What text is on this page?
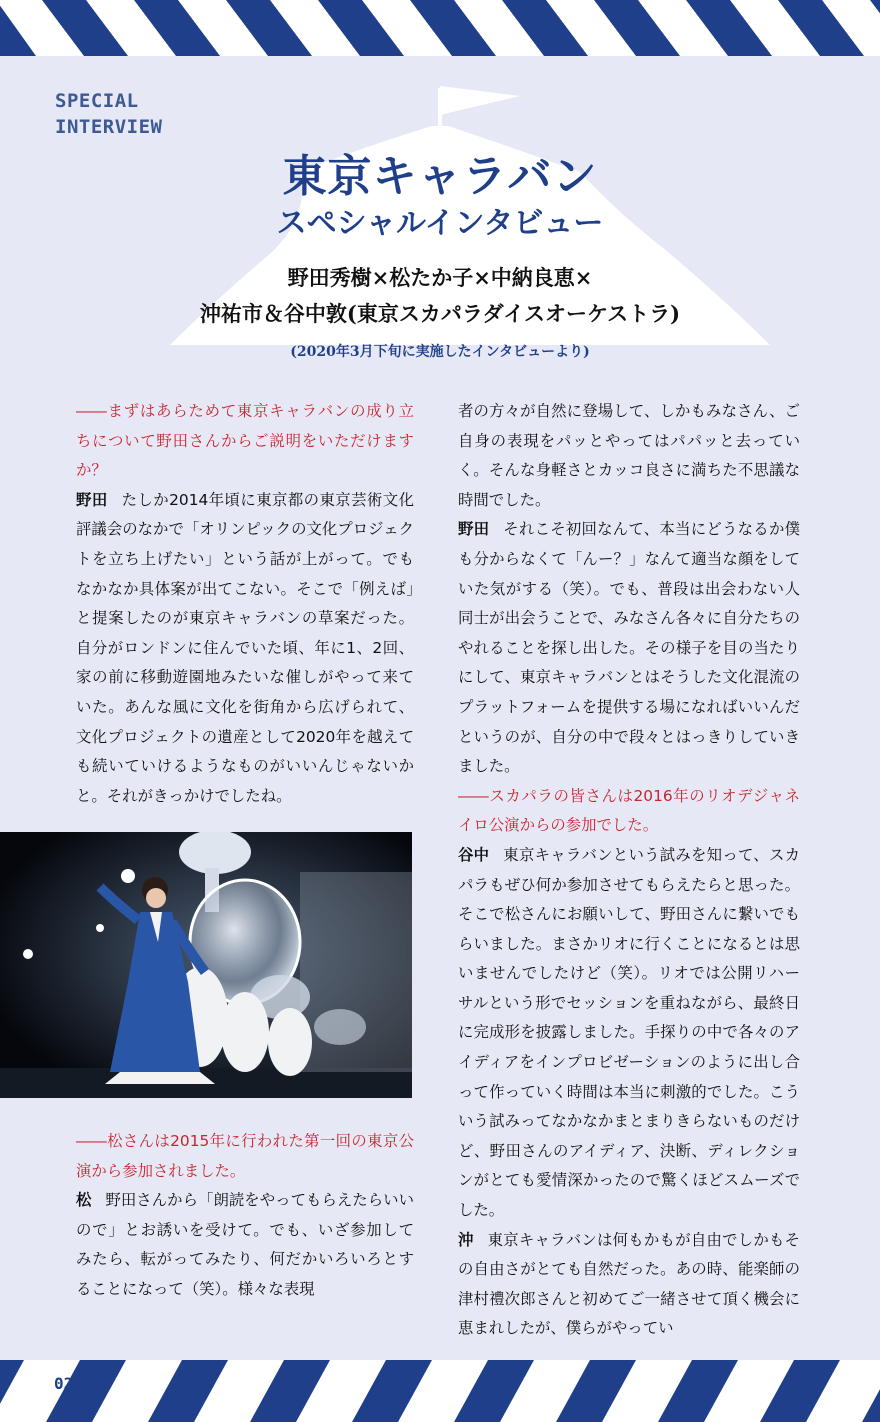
SPECIAL
INTERVIEW
東京キャラバン
スペシャルインタビュー

野田秀樹×松たか子×中納良恵×

沖祐市＆谷中敦(東京スカパラダイスオーケストラ)

(2020年3月下旬に実施したインタビューより)

――まずはあらためて東京キャラバンの成り立ちについて野田さんからご説明をいただけますか？

野田 たしか2014年頃に東京都の東京芸術文化評議会のなかで「オリンピックの文化プロジェクトを立ち上げたい」という話が上がって。でもなかなか具体案が出てこない。そこで「例えば」と提案したのが東京キャラバンの草案だった。自分がロンドンに住んでいた頃、年に1、2回、家の前に移動遊園地みたいな催しがやって来ていた。あんな風に文化を街角から広げられて、文化プロジェクトの遺産として2020年を越えても続いていけるようなものがいいんじゃないかと。それがきっかけでしたね。

――松さんは2015年に行われた第一回の東京公演から参加されました。

松 野田さんから「朗読をやってもらえたらいいので」とお誘いを受けて。でも、いざ参加してみたら、転がってみたり、何だかいろいろとすることになって（笑）。様々な表現

者の方々が自然に登場して、しかもみなさん、ご自身の表現をパッとやってはパパッと去っていく。そんな身軽さとカッコ良さに満ちた不思議な時間でした。

野田 それこそ初回なんて、本当にどうなるか僕も分からなくて「んー？」なんて適当な顔をしていた気がする（笑）。でも、普段は出会わない人同士が出会うことで、みなさん各々に自分たちのやれることを探し出した。その様子を目の当たりにして、東京キャラバンとはそうした文化混流のプラットフォームを提供する場になればいいんだというのが、自分の中で段々とはっきりしていきました。

――スカパラの皆さんは2016年のリオデジャネイロ公演からの参加でした。

谷中 東京キャラバンという試みを知って、スカパラもぜひ何か参加させてもらえたらと思った。そこで松さんにお願いして、野田さんに繋いでもらいました。まさかリオに行くことになるとは思いませんでしたけど（笑）。リオでは公開リハーサルという形でセッションを重ねながら、最終日に完成形を披露しました。手探りの中で各々のアイディアをインプロビゼーションのように出し合って作っていく時間は本当に刺激的でした。こういう試みってなかなかまとまりきらないものだけど、野田さんのアイディア、決断、ディレクションがとても愛情深かったので驚くほどスムーズでした。

沖 東京キャラバンは何もかもが自由でしかもその自由さがとても自然だった。あの時、能楽師の津村禮次郎さんと初めてご一緒させて頂く機会に恵まれしたが、僕らがやってい

02
